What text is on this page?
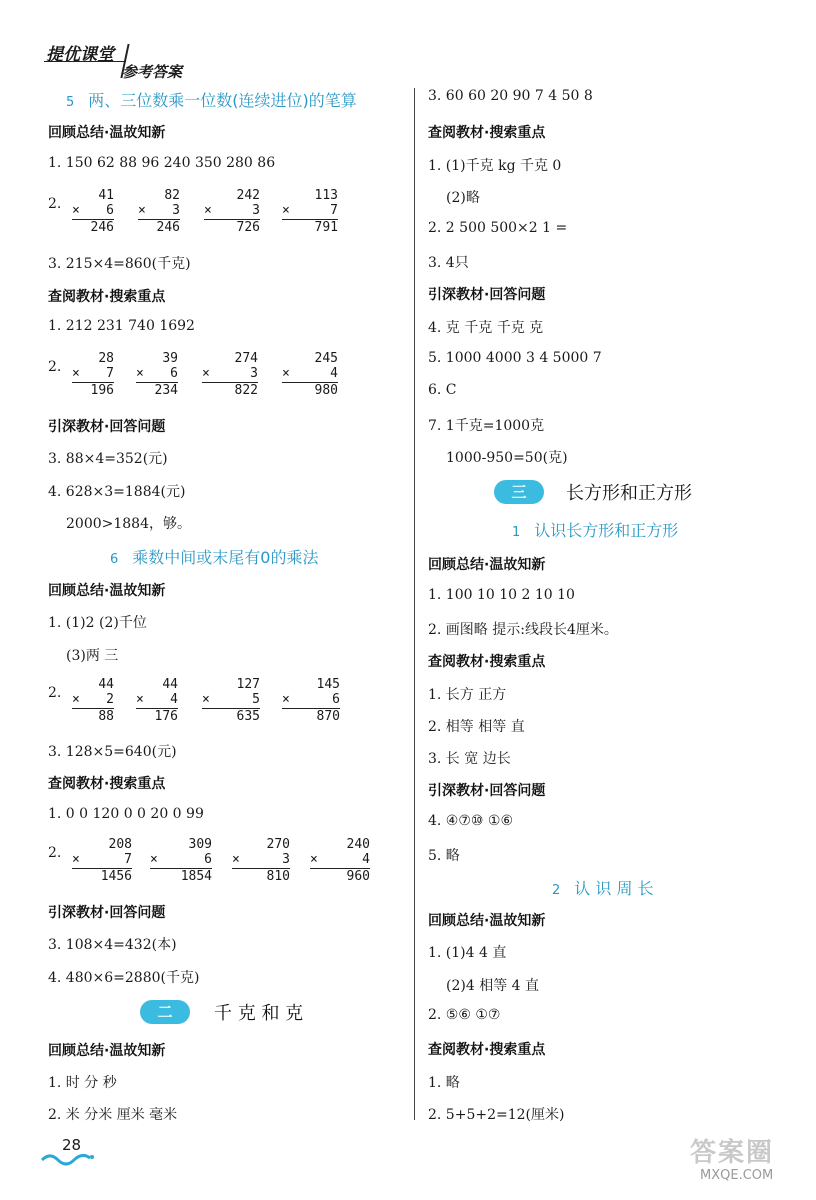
提优课堂
参考答案
5 两、三位数乘一位数(连续进位)的笔算
回顾总结·温故知新
1. 150 62 88 96 240 350 280 86
2.
41
6
×
246
82
3
×
246
242
3
×
726
113
7
×
791
3. 215×4=860(千克)
查阅教材·搜索重点
1. 212 231 740 1692
2.
28
7
×
196
39
6
×
234
274
3
×
822
245
4
×
980
引深教材·回答问题
3. 88×4=352(元)
4. 628×3=1884(元)
2000>1884，够。
6 乘数中间或末尾有0的乘法
回顾总结·温故知新
1. (1)2 (2)千位
(3)两 三
2.
44
2
×
88
44
4
×
176
127
5
×
635
145
6
×
870
3. 128×5=640(元)
查阅教材·搜索重点
1. 0 0 120 0 0 20 0 99
2.
208
7
×
1456
309
6
×
1854
270
3
×
810
240
4
×
960
引深教材·回答问题
3. 108×4=432(本)
4. 480×6=2880(千克)
二	千 克 和 克
回顾总结·温故知新
1. 时 分 秒
2. 米 分米 厘米 毫米
28
3. 60 60 20 90 7 4 50 8
查阅教材·搜索重点
1. (1)千克 kg 千克 0
(2)略
2. 2 500 500×2 1 =
3. 4只
引深教材·回答问题
4. 克 千克 千克 克
5. 1000 4000 3 4 5000 7
6. C
7. 1千克=1000克
1000-950=50(克)
三	长方形和正方形
1 认识长方形和正方形
回顾总结·温故知新
1. 100 10 10 2 10 10
2. 画图略 提示:线段长4厘米。
查阅教材·搜索重点
1. 长方 正方
2. 相等 相等 直
3. 长 宽 边长
引深教材·回答问题
4. ④⑦⑩ ①⑥
5. 略
2 认 识 周 长
回顾总结·温故知新
1. (1)4 4 直
(2)4 相等 4 直
2. ⑤⑥ ①⑦
查阅教材·搜索重点
1. 略
2. 5+5+2=12(厘米)
答案圈
MXQE.COM
